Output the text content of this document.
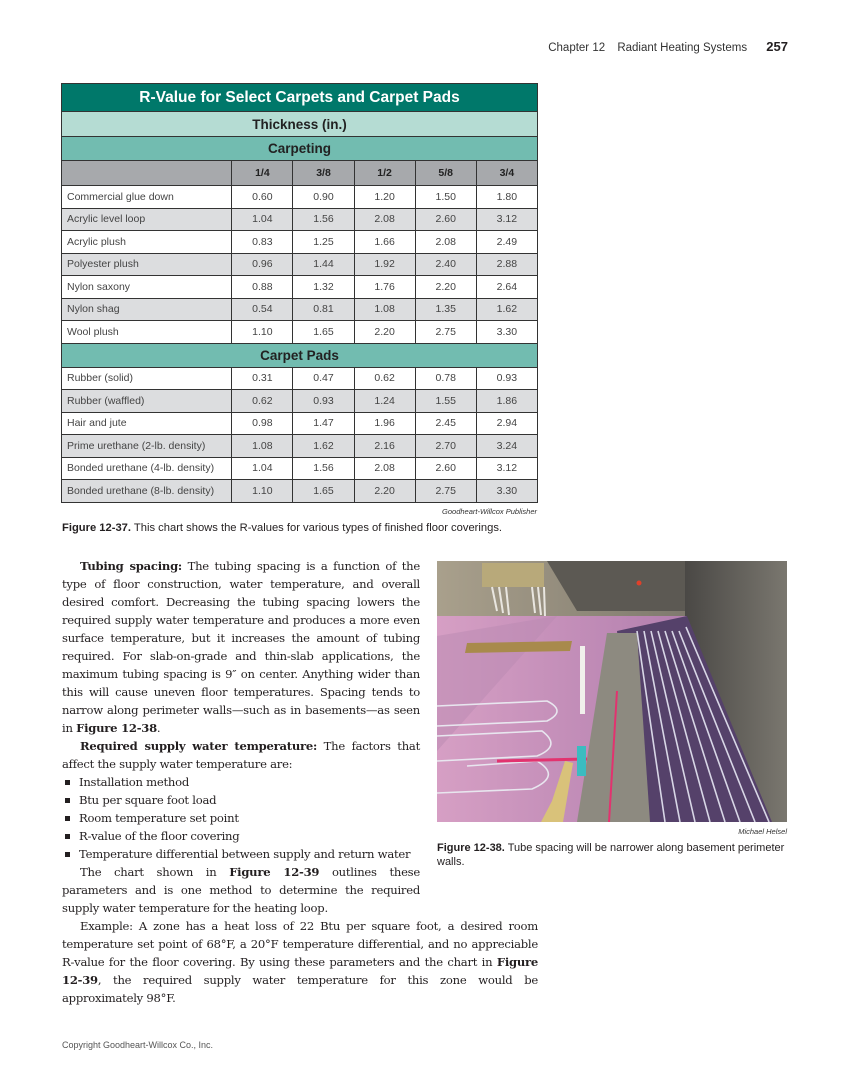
Chapter 12 Radiant Heating Systems 257
R-Value for Select Carpets and Carpet Pads					
Thickness (in.)					
Carpeting					
	1/4	3/8	1/2	5/8	3/4
Commercial glue down	0.60	0.90	1.20	1.50	1.80
Acrylic level loop	1.04	1.56	2.08	2.60	3.12
Acrylic plush	0.83	1.25	1.66	2.08	2.49
Polyester plush	0.96	1.44	1.92	2.40	2.88
Nylon saxony	0.88	1.32	1.76	2.20	2.64
Nylon shag	0.54	0.81	1.08	1.35	1.62
Wool plush	1.10	1.65	2.20	2.75	3.30
Carpet Pads					
Rubber (solid)	0.31	0.47	0.62	0.78	0.93
Rubber (waffled)	0.62	0.93	1.24	1.55	1.86
Hair and jute	0.98	1.47	1.96	2.45	2.94
Prime urethane (2-lb. density)	1.08	1.62	2.16	2.70	3.24
Bonded urethane (4-lb. density)	1.04	1.56	2.08	2.60	3.12
Bonded urethane (8-lb. density)	1.10	1.65	2.20	2.75	3.30
Goodheart-Willcox Publisher
Figure 12-37. This chart shows the R-values for various types of finished floor coverings.

Tubing spacing: The tubing spacing is a function of the type of floor construction, water temperature, and overall desired comfort. Decreasing the tubing spacing lowers the required supply water temperature and produces a more even surface temperature, but it increases the amount of tubing required. For slab-on-grade and thin-slab applications, the maximum tubing spacing is 9″ on center. Anything wider than this will cause uneven floor temperatures. Spacing tends to narrow along perimeter walls—such as in basements—as seen in Figure 12-38.

Required supply water temperature: The factors that affect the supply water temperature are:

Installation method
Btu per square foot load
Room temperature set point
R-value of the floor covering
Temperature differential between supply and return water

The chart shown in Figure 12-39 outlines these parameters and is one method to determine the required supply water temperature for the heating loop.

Example: A zone has a heat loss of 22 Btu per square foot, a desired room temperature set point of 68°F, a 20°F temperature differential, and no appreciable R-value for the floor covering. By using these parameters and the chart in Figure 12-39, the required supply water temperature for this zone would be approximately 98°F.

Michael Helsel
Figure 12-38. Tube spacing will be narrower along basement perimeter walls.
Copyright Goodheart-Willcox Co., Inc.
